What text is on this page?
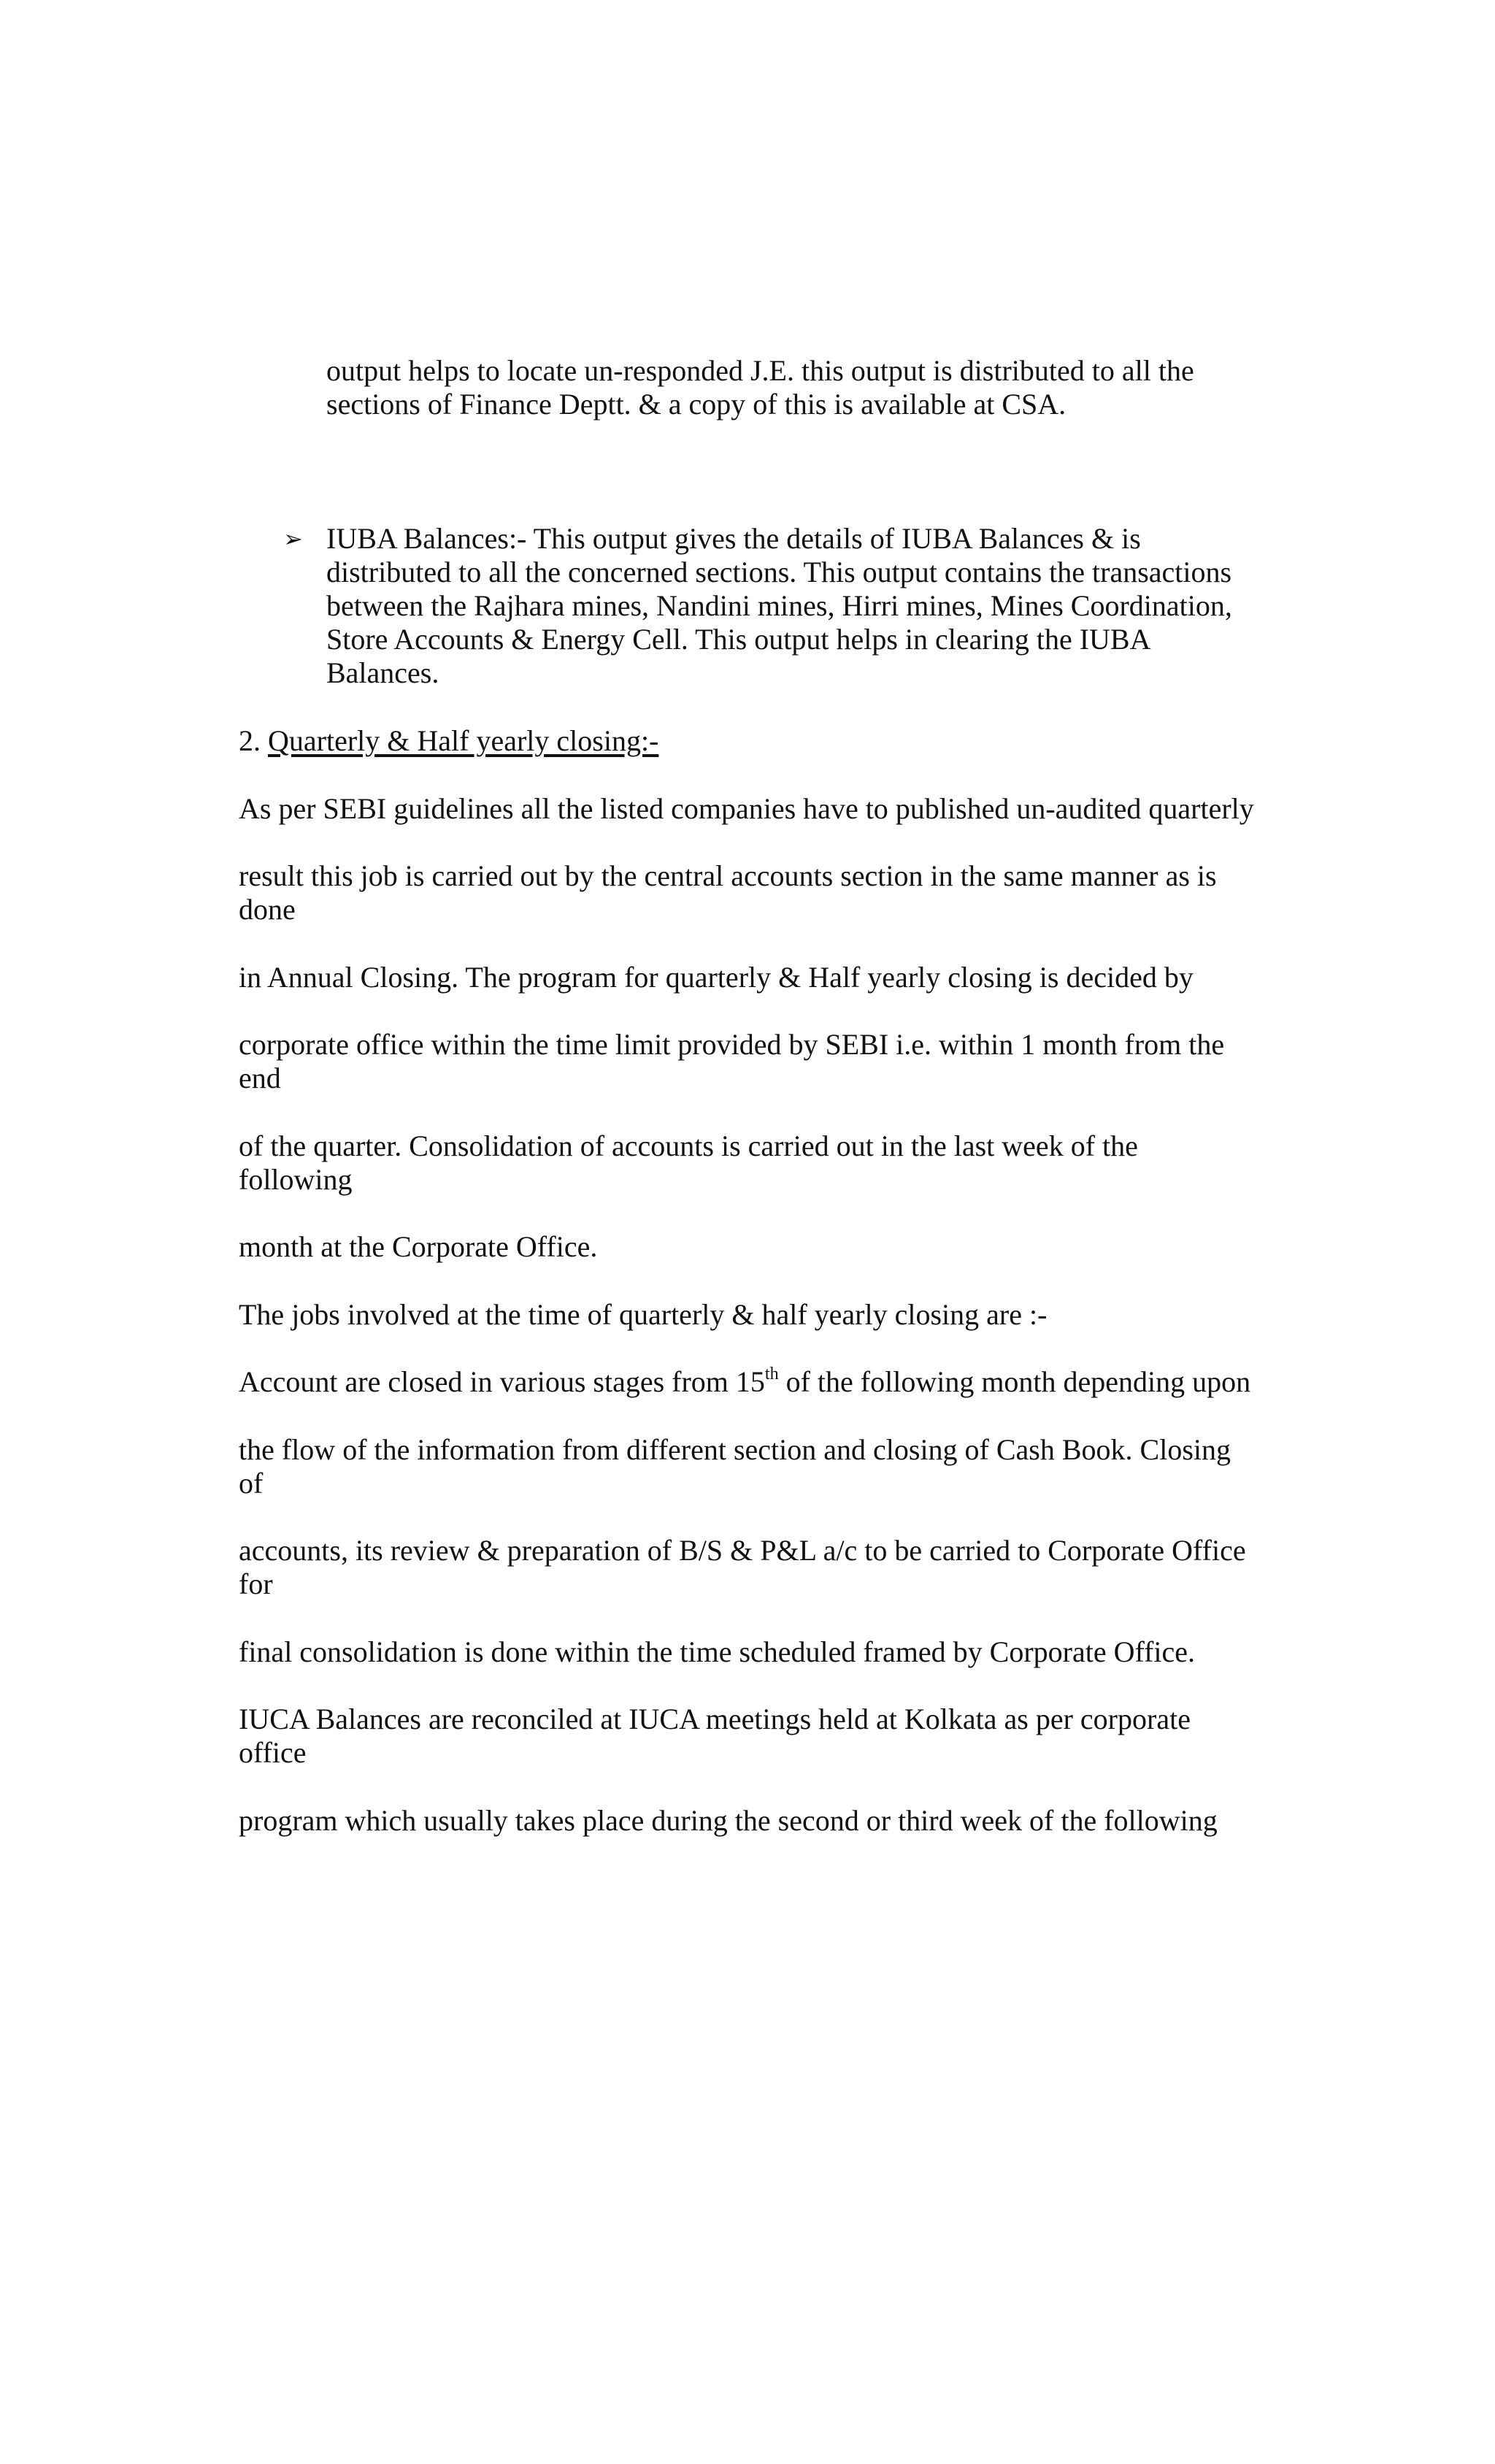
output helps to locate un-responded J.E. this output is distributed to all the
sections of Finance Deptt. & a copy of this is available at CSA.
➢ IUBA Balances:- This output gives the details of IUBA Balances & is
distributed to all the concerned sections. This output contains the transactions
between the Rajhara mines, Nandini mines, Hirri mines, Mines Coordination,
Store Accounts & Energy Cell. This output helps in clearing the IUBA
Balances.
2. Quarterly & Half yearly closing:-
As per SEBI guidelines all the listed companies have to published un-audited quarterly
result this job is carried out by the central accounts section in the same manner as is
done
in Annual Closing. The program for quarterly & Half yearly closing is decided by
corporate office within the time limit provided by SEBI i.e. within 1 month from the
end
of the quarter. Consolidation of accounts is carried out in the last week of the
following
month at the Corporate Office.
The jobs involved at the time of quarterly & half yearly closing are :-
Account are closed in various stages from 15th of the following month depending upon
the flow of the information from different section and closing of Cash Book. Closing
of
accounts, its review & preparation of B/S & P&L a/c to be carried to Corporate Office
for
final consolidation is done within the time scheduled framed by Corporate Office.
IUCA Balances are reconciled at IUCA meetings held at Kolkata as per corporate
office
program which usually takes place during the second or third week of the following
